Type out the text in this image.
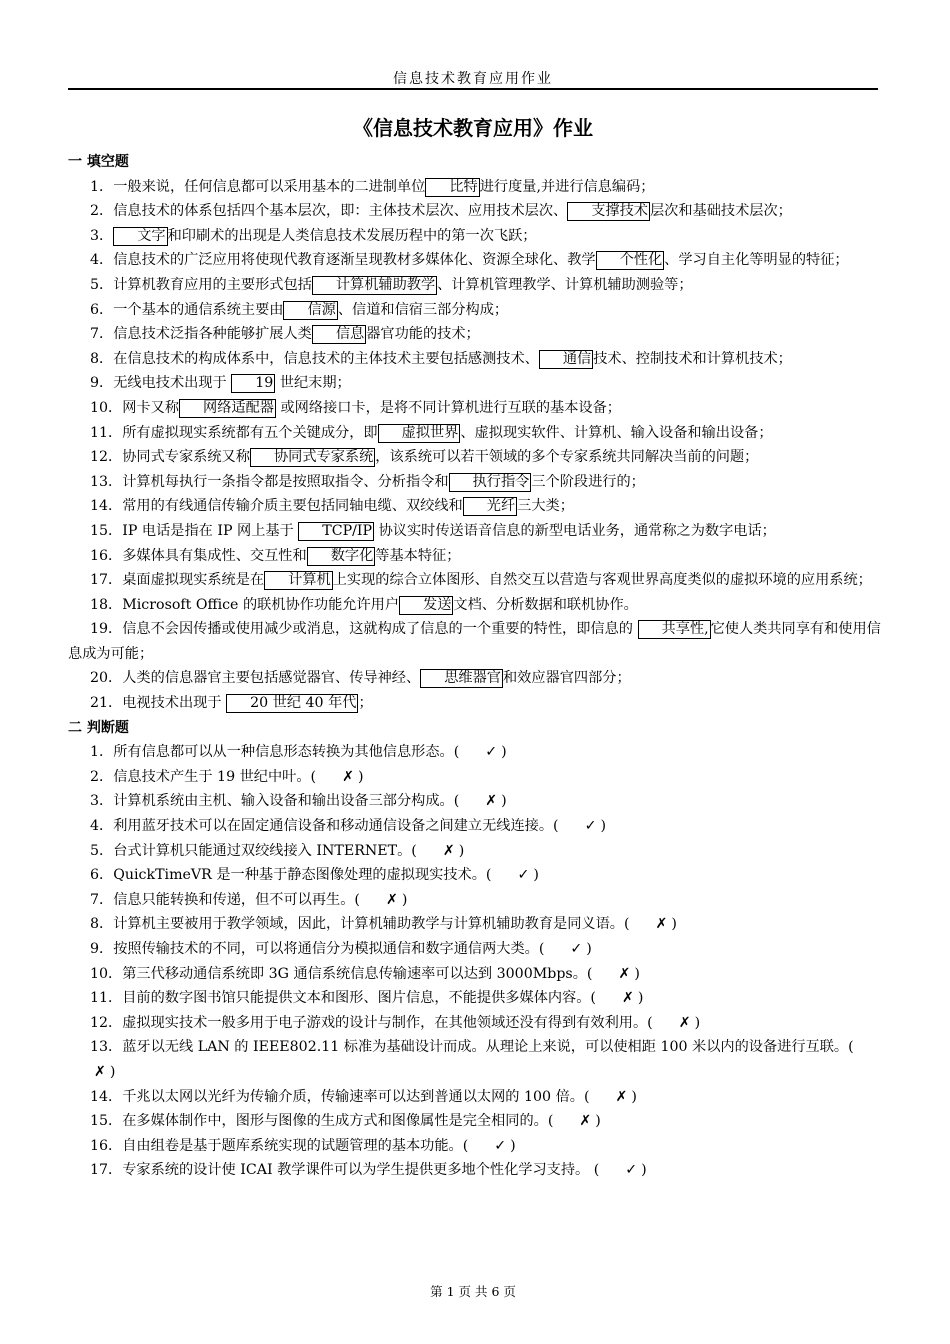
信息技术教育应用作业
《信息技术教育应用》作业
一 填空题
1．一般来说，任何信息都可以采用基本的二进制单位 比特 进行度量,并进行信息编码；
2．信息技术的体系包括四个基本层次，即：主体技术层次、应用技术层次、 支撑技术 层次和基础技术层次；
3． 文字 和印刷术的出现是人类信息技术发展历程中的第一次飞跃；
4．信息技术的广泛应用将使现代教育逐渐呈现教材多媒体化、资源全球化、教学 个性化 、学习自主化等明显的特征；
5．计算机教育应用的主要形式包括 计算机辅助教学 、计算机管理教学、计算机辅助测验等；
6．一个基本的通信系统主要由 信源 、信道和信宿三部分构成；
7．信息技术泛指各种能够扩展人类 信息 器官功能的技术；
8．在信息技术的构成体系中，信息技术的主体技术主要包括感测技术、 通信 技术、控制技术和计算机技术；
9．无线电技术出现于 19 世纪末期；
10．网卡又称 网络适配器 或网络接口卡，是将不同计算机进行互联的基本设备；
11．所有虚拟现实系统都有五个关键成分，即 虚拟世界 、虚拟现实软件、计算机、输入设备和输出设备；
12．协同式专家系统又称 协同式专家系统 ，该系统可以若干领域的多个专家系统共同解决当前的问题；
13．计算机每执行一条指令都是按照取指令、分析指令和 执行指令 三个阶段进行的；
14．常用的有线通信传输介质主要包括同轴电缆、双绞线和 光纤 三大类；
15．IP 电话是指在 IP 网上基于 TCP/IP 协议实时传送语音信息的新型电话业务，通常称之为数字电话；
16．多媒体具有集成性、交互性和 数字化 等基本特征；
17．桌面虚拟现实系统是在 计算机 上实现的综合立体图形、自然交互以营造与客观世界高度类似的虚拟环境的应用系统；
18．Microsoft Office 的联机协作功能允许用户 发送 文档、分析数据和联机协作。
19．信息不会因传播或使用减少或消息，这就构成了信息的一个重要的特性，即信息的 共享性, 它使人类共同享有和使用信息成为可能；
20．人类的信息器官主要包括感觉器官、传导神经、 思维器官 和效应器官四部分；
21．电视技术出现于 20 世纪 40 年代 ；
二 判断题
1．所有信息都可以从一种信息形态转换为其他信息形态。( ✓ )
2．信息技术产生于 19 世纪中叶。( ✗ )
3．计算机系统由主机、输入设备和输出设备三部分构成。( ✗ )
4．利用蓝牙技术可以在固定通信设备和移动通信设备之间建立无线连接。( ✓ )
5．台式计算机只能通过双绞线接入 INTERNET。( ✗ )
6．QuickTimeVR 是一种基于静态图像处理的虚拟现实技术。( ✓ )
7．信息只能转换和传递，但不可以再生。( ✗ )
8．计算机主要被用于教学领域，因此，计算机辅助教学与计算机辅助教育是同义语。( ✗ )
9．按照传输技术的不同，可以将通信分为模拟通信和数字通信两大类。( ✓ )
10．第三代移动通信系统即 3G 通信系统信息传输速率可以达到 3000Mbps。( ✗ )
11．目前的数字图书馆只能提供文本和图形、图片信息，不能提供多媒体内容。( ✗ )
12．虚拟现实技术一般多用于电子游戏的设计与制作，在其他领域还没有得到有效利用。( ✗ )
13．蓝牙以无线 LAN 的 IEEE802.11 标准为基础设计而成。从理论上来说，可以使相距 100 米以内的设备进行互联。(✗ )
14．千兆以太网以光纤为传输介质，传输速率可以达到普通以太网的 100 倍。( ✗ )
15．在多媒体制作中，图形与图像的生成方式和图像属性是完全相同的。( ✗ )
16．自由组卷是基于题库系统实现的试题管理的基本功能。( ✓ )
17．专家系统的设计使 ICAI 教学课件可以为学生提供更多地个性化学习支持。 ( ✓ )
第 1 页 共 6 页
